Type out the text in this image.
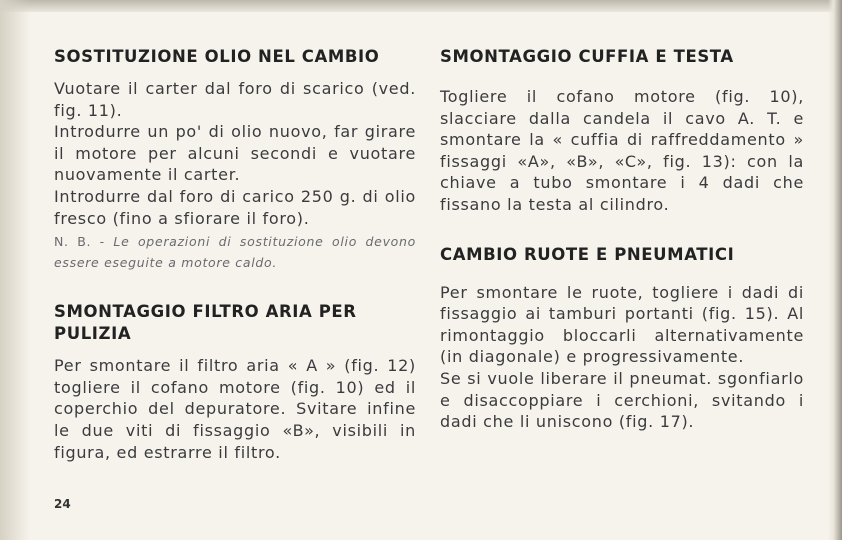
SOSTITUZIONE OLIO NEL CAMBIO

Vuotare il carter dal foro di scarico (ved. fig. 11).

Introdurre un po' di olio nuovo, far girare il motore per alcuni secondi e vuotare nuovamente il carter.

Introdurre dal foro di carico 250 g. di olio fresco (fino a sfiorare il foro).

N. B. - Le operazioni di sostituzione olio devono essere eseguite a motore caldo.

SMONTAGGIO FILTRO ARIA PER PULIZIA

Per smontare il filtro aria « A » (fig. 12) togliere il cofano motore (fig. 10) ed il coperchio del depuratore. Svitare infine le due viti di fissaggio «B», visibili in figura, ed estrarre il filtro.

SMONTAGGIO CUFFIA E TESTA

Togliere il cofano motore (fig. 10), slacciare dalla candela il cavo A. T. e smontare la « cuffia di raffreddamento » fissaggi «A», «B», «C», fig. 13): con la chiave a tubo smontare i 4 dadi che fissano la testa al cilindro.

CAMBIO RUOTE E PNEUMATICI

Per smontare le ruote, togliere i dadi di fissaggio ai tamburi portanti (fig. 15). Al rimontaggio bloccarli alternativamente (in diagonale) e progressivamente.

Se si vuole liberare il pneumat. sgonfiarlo e disaccoppiare i cerchioni, svitando i dadi che li uniscono (fig. 17).

24
